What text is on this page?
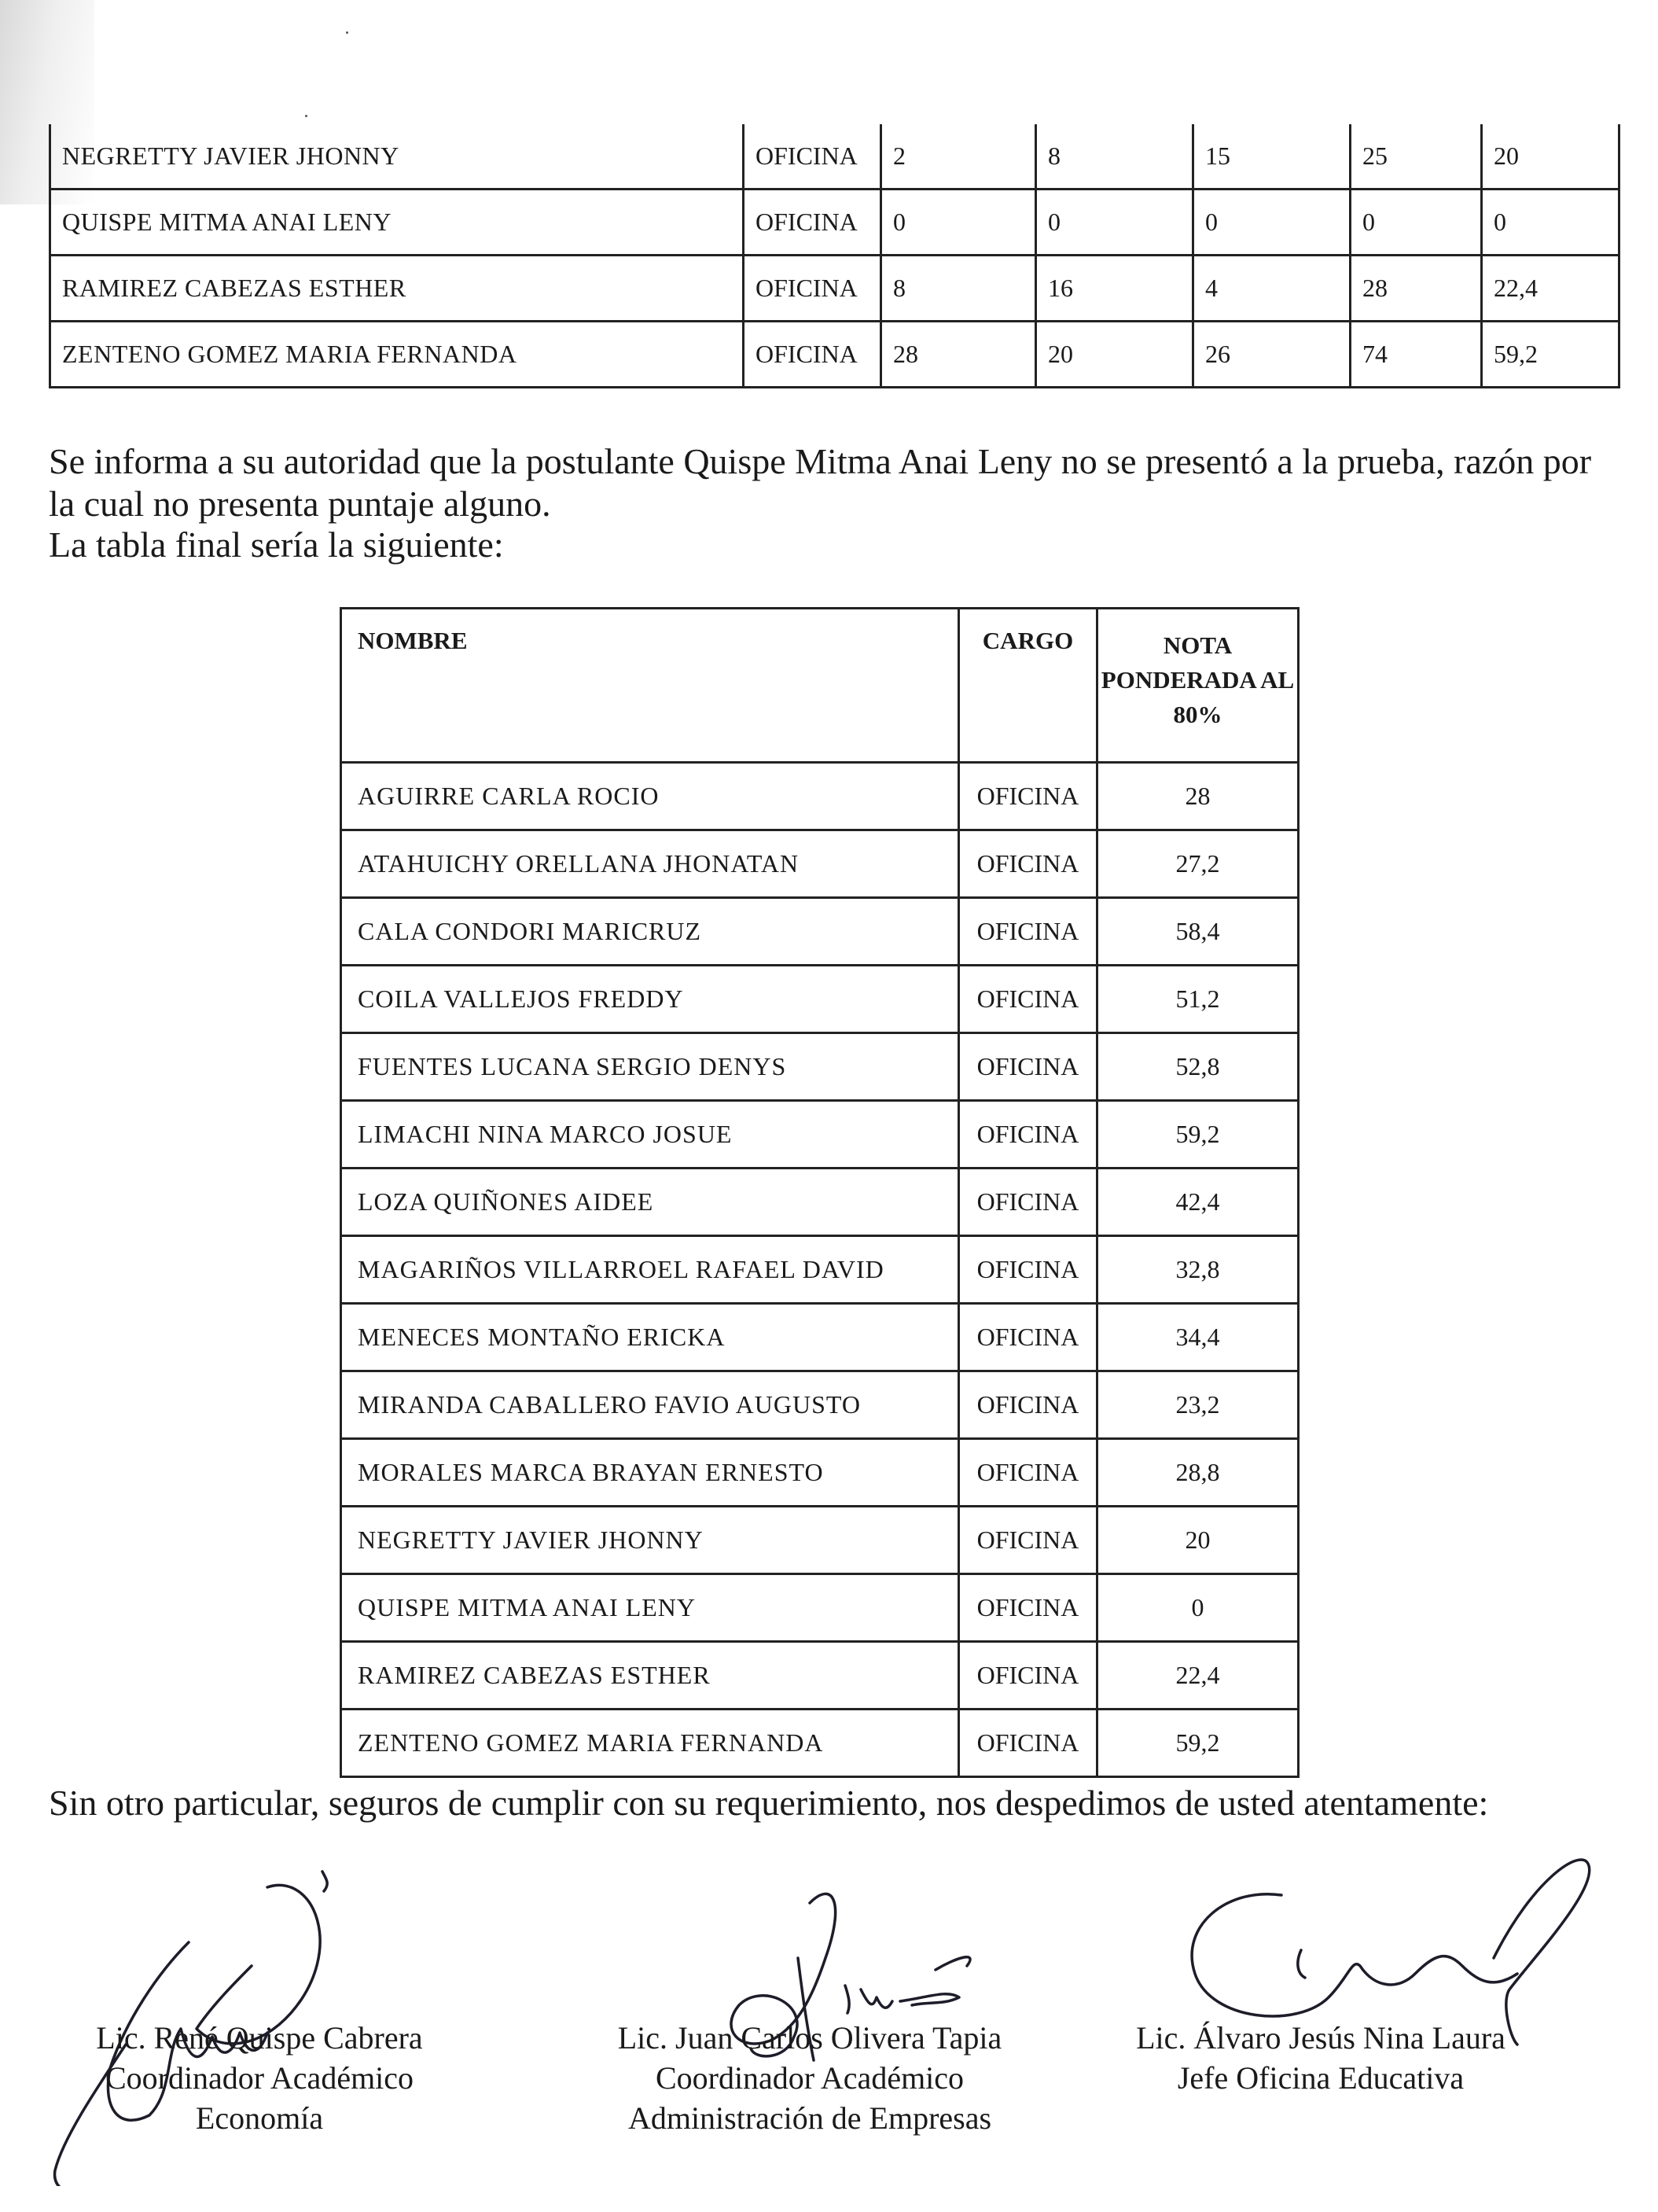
NEGRETTY JAVIER JHONNY	OFICINA	2	8	15	25	20
QUISPE MITMA ANAI LENY	OFICINA	0	0	0	0	0
RAMIREZ CABEZAS ESTHER	OFICINA	8	16	4	28	22,4
ZENTENO GOMEZ MARIA FERNANDA	OFICINA	28	20	26	74	59,2
Se informa a su autoridad que la postulante Quispe Mitma Anai Leny no se presentó a la prueba, razón por la cual no presenta puntaje alguno.
La tabla final sería la siguiente:
NOMBRE	CARGO	NOTA PONDERADA AL 80%
AGUIRRE CARLA ROCIO	OFICINA	28
ATAHUICHY ORELLANA JHONATAN	OFICINA	27,2
CALA CONDORI MARICRUZ	OFICINA	58,4
COILA VALLEJOS FREDDY	OFICINA	51,2
FUENTES LUCANA SERGIO DENYS	OFICINA	52,8
LIMACHI NINA MARCO JOSUE	OFICINA	59,2
LOZA QUIÑONES AIDEE	OFICINA	42,4
MAGARIÑOS VILLARROEL RAFAEL DAVID	OFICINA	32,8
MENECES MONTAÑO ERICKA	OFICINA	34,4
MIRANDA CABALLERO FAVIO AUGUSTO	OFICINA	23,2
MORALES MARCA BRAYAN ERNESTO	OFICINA	28,8
NEGRETTY JAVIER JHONNY	OFICINA	20
QUISPE MITMA ANAI LENY	OFICINA	0
RAMIREZ CABEZAS ESTHER	OFICINA	22,4
ZENTENO GOMEZ MARIA FERNANDA	OFICINA	59,2
Sin otro particular, seguros de cumplir con su requerimiento, nos despedimos de usted atentamente:
Lic. René Quispe Cabrera
Coordinador Académico
Economía
Lic. Juan Carlos Olivera Tapia
Coordinador Académico
Administración de Empresas
Lic. Álvaro Jesús Nina Laura
Jefe Oficina Educativa
